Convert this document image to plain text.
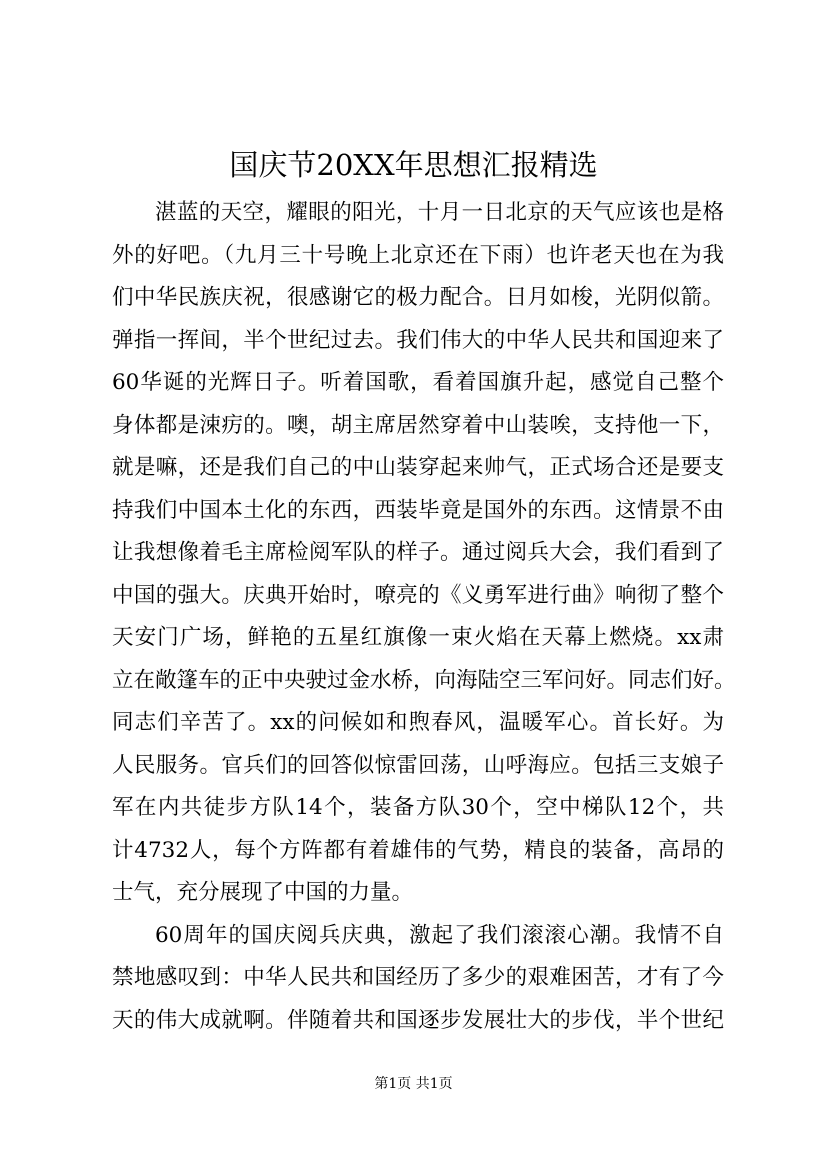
国庆节20XX年思想汇报精选
湛蓝的天空，耀眼的阳光，十月一日北京的天气应该也是格
外的好吧。（九月三十号晚上北京还在下雨）也许老天也在为我
们中华民族庆祝，很感谢它的极力配合。日月如梭，光阴似箭。
弹指一挥间，半个世纪过去。我们伟大的中华人民共和国迎来了
60华诞的光辉日子。听着国歌，看着国旗升起，感觉自己整个
身体都是涑疠的。噢，胡主席居然穿着中山装唉，支持他一下，
就是嘛，还是我们自己的中山装穿起来帅气，正式场合还是要支
持我们中国本土化的东西，西装毕竟是国外的东西。这情景不由
让我想像着毛主席检阅军队的样子。通过阅兵大会，我们看到了
中国的强大。庆典开始时，嘹亮的《义勇军进行曲》响彻了整个
天安门广场，鲜艳的五星红旗像一束火焰在天幕上燃烧。xx肃
立在敞篷车的正中央驶过金水桥，向海陆空三军问好。同志们好。
同志们辛苦了。xx的问候如和煦春风，温暖军心。首长好。为
人民服务。官兵们的回答似惊雷回荡，山呼海应。包括三支娘子
军在内共徒步方队14个，装备方队30个，空中梯队12个，共
计4732人，每个方阵都有着雄伟的气势，精良的装备，高昂的
士气，充分展现了中国的力量。
60周年的国庆阅兵庆典，激起了我们滚滚心潮。我情不自
禁地感叹到：中华人民共和国经历了多少的艰难困苦，才有了今
天的伟大成就啊。伴随着共和国逐步发展壮大的步伐，半个世纪
第1页 共1页
